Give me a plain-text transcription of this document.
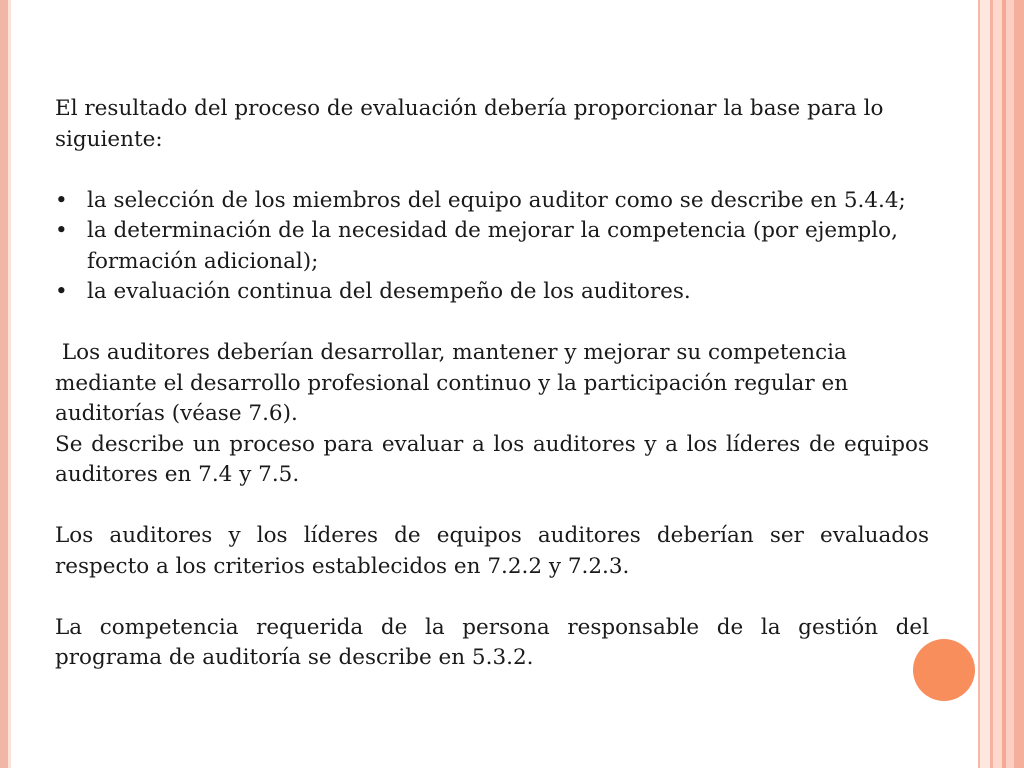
El resultado del proceso de evaluación debería proporcionar la base para lo siguiente:

• la selección de los miembros del equipo auditor como se describe en 5.4.4;
• la determinación de la necesidad de mejorar la competencia (por ejemplo, formación adicional);
• la evaluación continua del desempeño de los auditores.

Los auditores deberían desarrollar, mantener y mejorar su competencia mediante el desarrollo profesional continuo y la participación regular en auditorías (véase 7.6).

Se describe un proceso para evaluar a los auditores y a los líderes de equipos auditores en 7.4 y 7.5.

Los auditores y los líderes de equipos auditores deberían ser evaluados respecto a los criterios establecidos en 7.2.2 y 7.2.3.

La competencia requerida de la persona responsable de la gestión del programa de auditoría se describe en 5.3.2.
